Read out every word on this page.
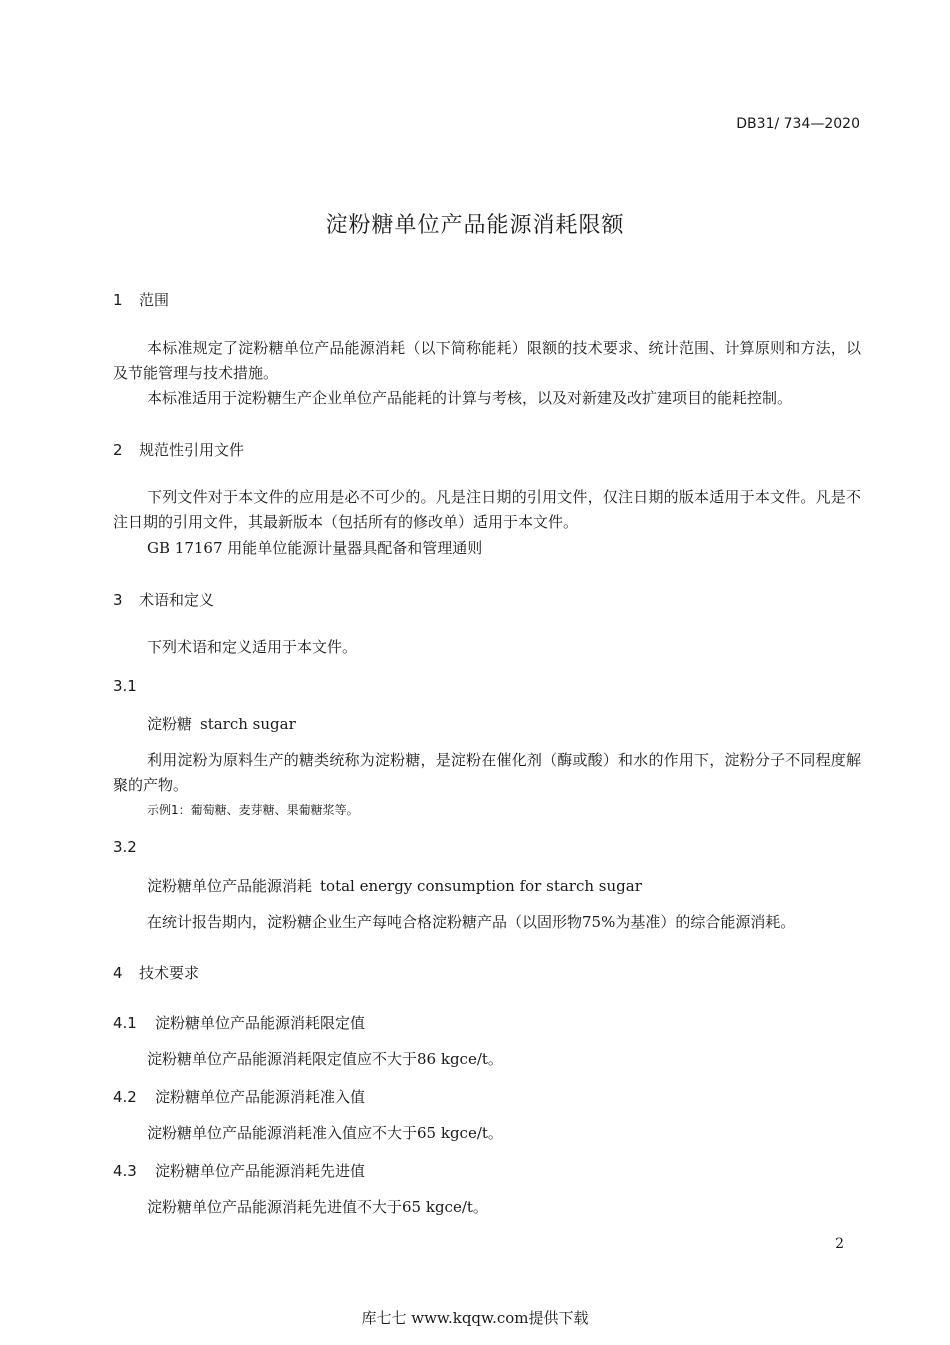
DB31/ 734—2020
淀粉糖单位产品能源消耗限额
1 范围
本标准规定了淀粉糖单位产品能源消耗（以下简称能耗）限额的技术要求、统计范围、计算原则和方法，以及节能管理与技术措施。
本标准适用于淀粉糖生产企业单位产品能耗的计算与考核，以及对新建及改扩建项目的能耗控制。
2 规范性引用文件
下列文件对于本文件的应用是必不可少的。凡是注日期的引用文件，仅注日期的版本适用于本文件。凡是不注日期的引用文件，其最新版本（包括所有的修改单）适用于本文件。
GB 17167 用能单位能源计量器具配备和管理通则
3 术语和定义
下列术语和定义适用于本文件。
3.1
淀粉糖 starch sugar
利用淀粉为原料生产的糖类统称为淀粉糖，是淀粉在催化剂（酶或酸）和水的作用下，淀粉分子不同程度解聚的产物。
示例1：葡萄糖、麦芽糖、果葡糖浆等。
3.2
淀粉糖单位产品能源消耗 total energy consumption for starch sugar
在统计报告期内，淀粉糖企业生产每吨合格淀粉糖产品（以固形物75%为基准）的综合能源消耗。
4 技术要求
4.1 淀粉糖单位产品能源消耗限定值
淀粉糖单位产品能源消耗限定值应不大于86 kgce/t。
4.2 淀粉糖单位产品能源消耗准入值
淀粉糖单位产品能源消耗准入值应不大于65 kgce/t。
4.3 淀粉糖单位产品能源消耗先进值
淀粉糖单位产品能源消耗先进值不大于65 kgce/t。
2
库七七 www.kqqw.com提供下载
